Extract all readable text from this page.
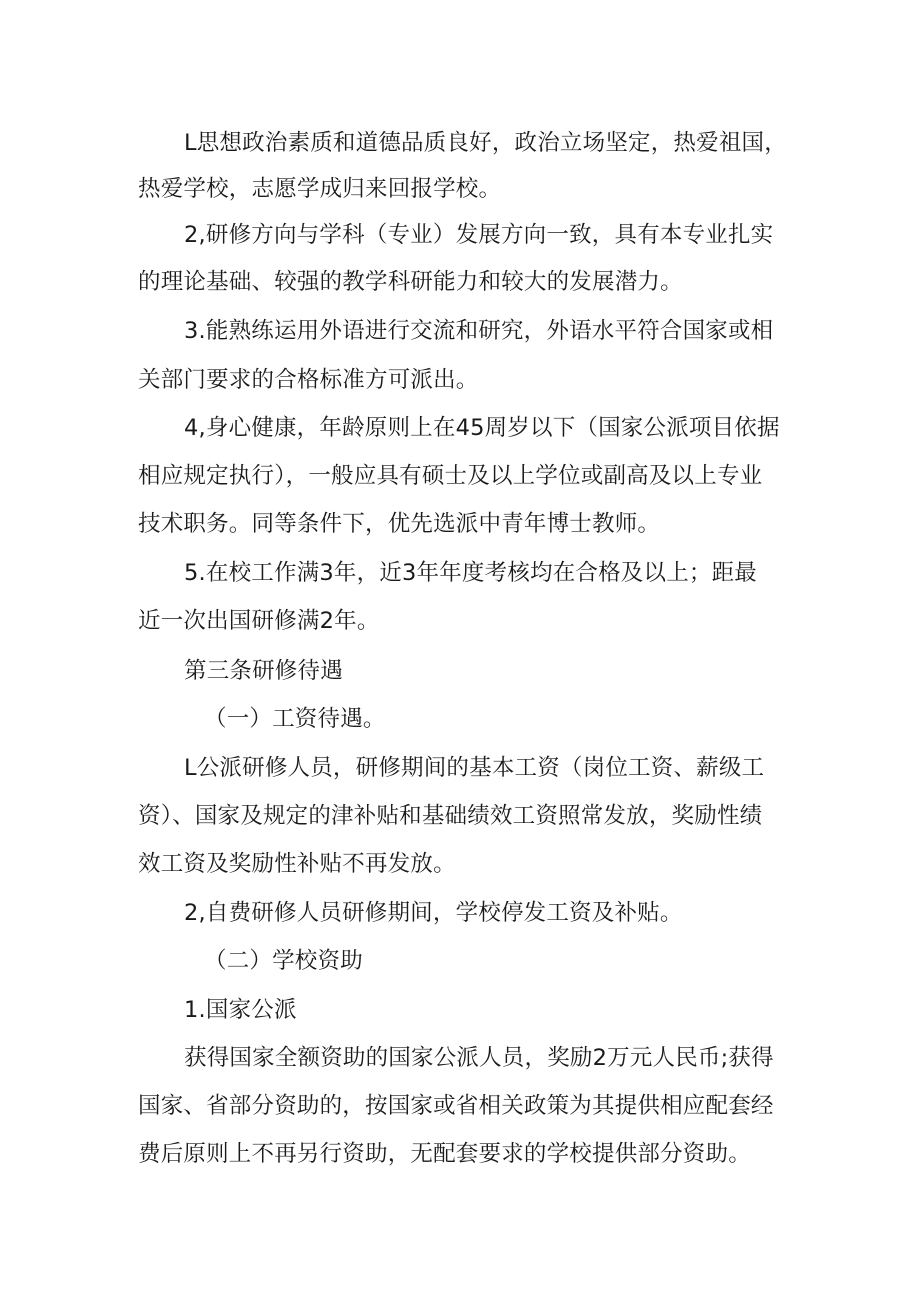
L思想政治素质和道德品质良好，政治立场坚定，热爱祖国，
热爱学校，志愿学成归来回报学校。
2,研修方向与学科（专业）发展方向一致，具有本专业扎实
的理论基础、较强的教学科研能力和较大的发展潜力。
3.能熟练运用外语进行交流和研究，外语水平符合国家或相
关部门要求的合格标准方可派出。
4,身心健康，年龄原则上在45周岁以下（国家公派项目依据
相应规定执行），一般应具有硕士及以上学位或副高及以上专业
技术职务。同等条件下，优先选派中青年博士教师。
5.在校工作满3年，近3年年度考核均在合格及以上；距最
近一次出国研修满2年。
第三条研修待遇
（一）工资待遇。
L公派研修人员，研修期间的基本工资（岗位工资、薪级工
资）、国家及规定的津补贴和基础绩效工资照常发放，奖励性绩
效工资及奖励性补贴不再发放。
2,自费研修人员研修期间，学校停发工资及补贴。
（二）学校资助
1.国家公派
获得国家全额资助的国家公派人员，奖励2万元人民币;获得
国家、省部分资助的，按国家或省相关政策为其提供相应配套经
费后原则上不再另行资助，无配套要求的学校提供部分资助。
